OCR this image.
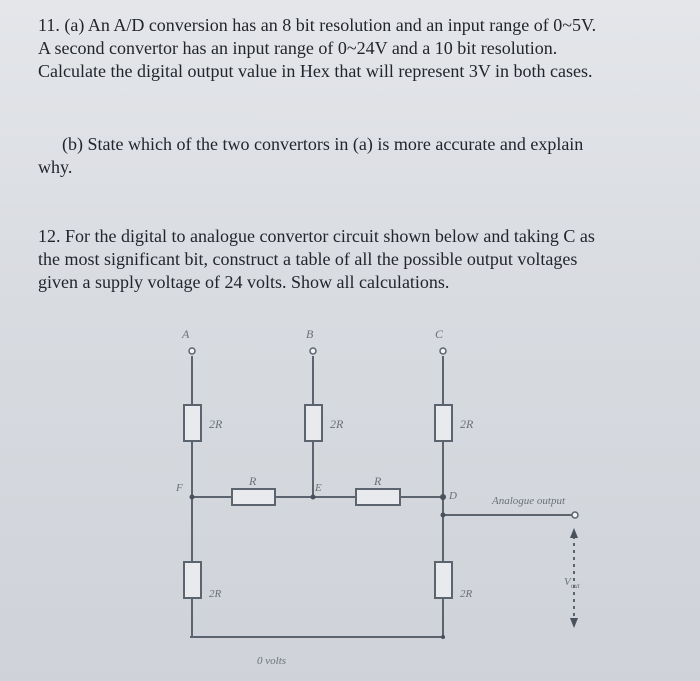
11. (a) An A/D conversion has an 8 bit resolution and an input range of 0~5V.
A second convertor has an input range of 0~24V and a 10 bit resolution.
Calculate the digital output value in Hex that will represent 3V in both cases.
(b) State which of the two convertors in (a) is more accurate and explain
why.
12. For the digital to analogue convertor circuit shown below and taking C as
the most significant bit, construct a table of all the possible output voltages
given a supply voltage of 24 volts. Show all calculations.
A	B	C
2R	2R	2R
2R	2R
R	R
F	E
D	Analogue output
$V_{out}$
0 volts
